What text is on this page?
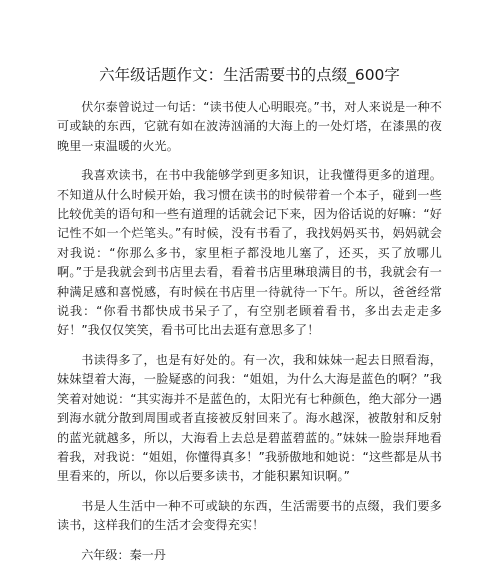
六年级话题作文：生活需要书的点缀_600字

伏尔泰曾说过一句话：“读书使人心明眼亮。”书，对人来说是一种不可或缺的东西，它就有如在波涛汹涌的大海上的一处灯塔，在漆黑的夜晚里一束温暖的火光。

我喜欢读书，在书中我能够学到更多知识，让我懂得更多的道理。不知道从什么时候开始，我习惯在读书的时候带着一个本子，碰到一些比较优美的语句和一些有道理的话就会记下来，因为俗话说的好嘛：“好记性不如一个烂笔头。”有时候，没有书看了，我找妈妈买书，妈妈就会对我说：“你那么多书，家里柜子都没地儿塞了，还买，买了放哪儿啊。”于是我就会到书店里去看，看着书店里琳琅满目的书，我就会有一种满足感和喜悦感，有时候在书店里一待就待一下午。所以，爸爸经常说我：“你看书都快成书呆子了，有空别老顾着看书，多出去走走多好！”我仅仅笑笑，看书可比出去逛有意思多了！

书读得多了，也是有好处的。有一次，我和妹妹一起去日照看海，妹妹望着大海，一脸疑惑的问我：“姐姐，为什么大海是蓝色的啊？”我笑着对她说：“其实海并不是蓝色的，太阳光有七种颜色，绝大部分一遇到海水就分散到周围或者直接被反射回来了。海水越深，被散射和反射的蓝光就越多，所以，大海看上去总是碧蓝碧蓝的。”妹妹一脸崇拜地看着我，对我说：“姐姐，你懂得真多！”我骄傲地和她说：“这些都是从书里看来的，所以，你以后要多读书，才能积累知识啊。”

书是人生活中一种不可或缺的东西，生活需要书的点缀，我们要多读书，这样我们的生活才会变得充实！

六年级：秦一丹
